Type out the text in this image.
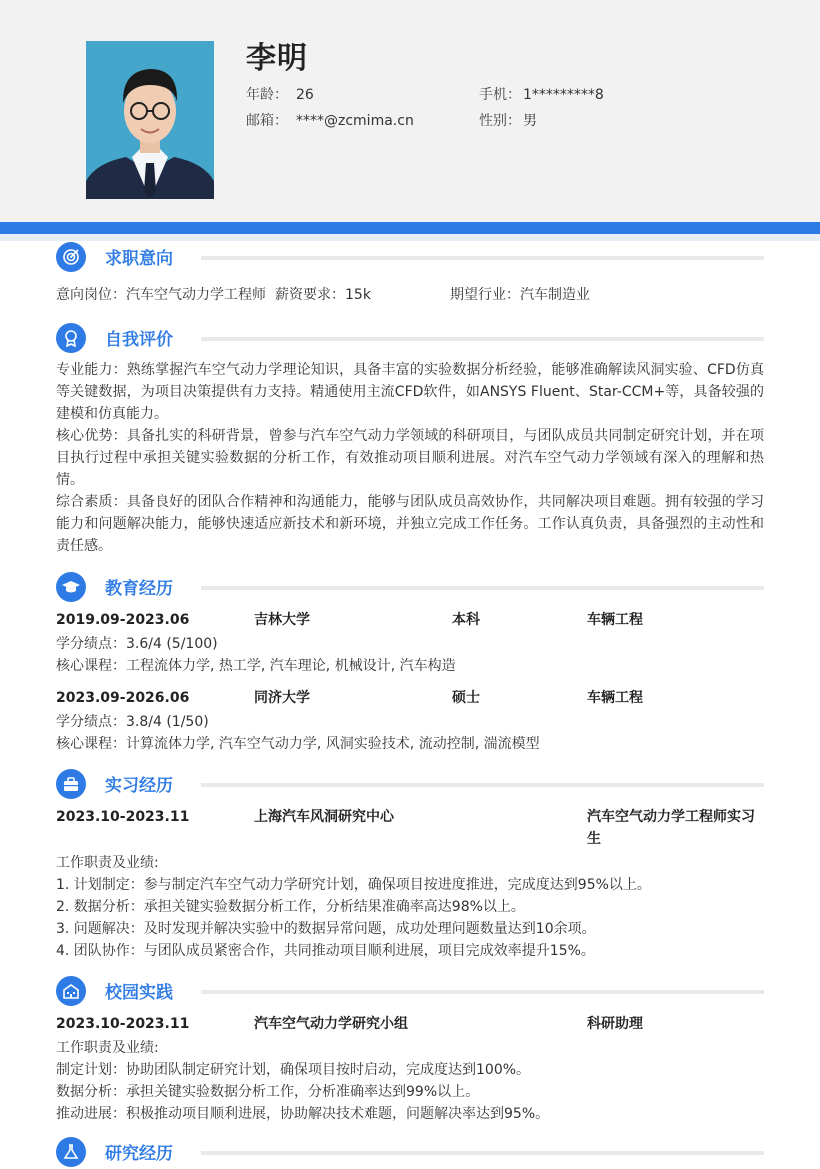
李明
年龄： 26	手机： 1*********8
邮箱： ****@zcmima.cn	性别： 男
求职意向
意向岗位：汽车空气动力学工程师 薪资要求：15k	期望行业：汽车制造业
自我评价

专业能力：熟练掌握汽车空气动力学理论知识，具备丰富的实验数据分析经验，能够准确解读风洞实验、CFD仿真等关键数据，为项目决策提供有力支持。精通使用主流CFD软件，如ANSYS Fluent、Star-CCM+等，具备较强的建模和仿真能力。

核心优势：具备扎实的科研背景，曾参与汽车空气动力学领域的科研项目，与团队成员共同制定研究计划，并在项目执行过程中承担关键实验数据的分析工作，有效推动项目顺利进展。对汽车空气动力学领域有深入的理解和热情。

综合素质：具备良好的团队合作精神和沟通能力，能够与团队成员高效协作，共同解决项目难题。拥有较强的学习能力和问题解决能力，能够快速适应新技术和新环境，并独立完成工作任务。工作认真负责，具备强烈的主动性和责任感。

教育经历
2019.09-2023.06	吉林大学	本科	车辆工程
学分绩点：3.6/4 (5/100)
核心课程：工程流体力学, 热工学, 汽车理论, 机械设计, 汽车构造
2023.09-2026.06	同济大学	硕士	车辆工程
学分绩点：3.8/4 (1/50)
核心课程：计算流体力学, 汽车空气动力学, 风洞实验技术, 流动控制, 湍流模型
实习经历
2023.10-2023.11	上海汽车风洞研究中心	汽车空气动力学工程师实习
生
工作职责及业绩:
1. 计划制定：参与制定汽车空气动力学研究计划，确保项目按进度推进，完成度达到95%以上。
2. 数据分析：承担关键实验数据分析工作，分析结果准确率高达98%以上。
3. 问题解决：及时发现并解决实验中的数据异常问题，成功处理问题数量达到10余项。
4. 团队协作：与团队成员紧密合作，共同推动项目顺利进展，项目完成效率提升15%。
校园实践
2023.10-2023.11	汽车空气动力学研究小组	科研助理
工作职责及业绩:
制定计划：协助团队制定研究计划，确保项目按时启动，完成度达到100%。
数据分析：承担关键实验数据分析工作，分析准确率达到99%以上。
推动进展：积极推动项目顺利进展，协助解决技术难题，问题解决率达到95%。
研究经历
